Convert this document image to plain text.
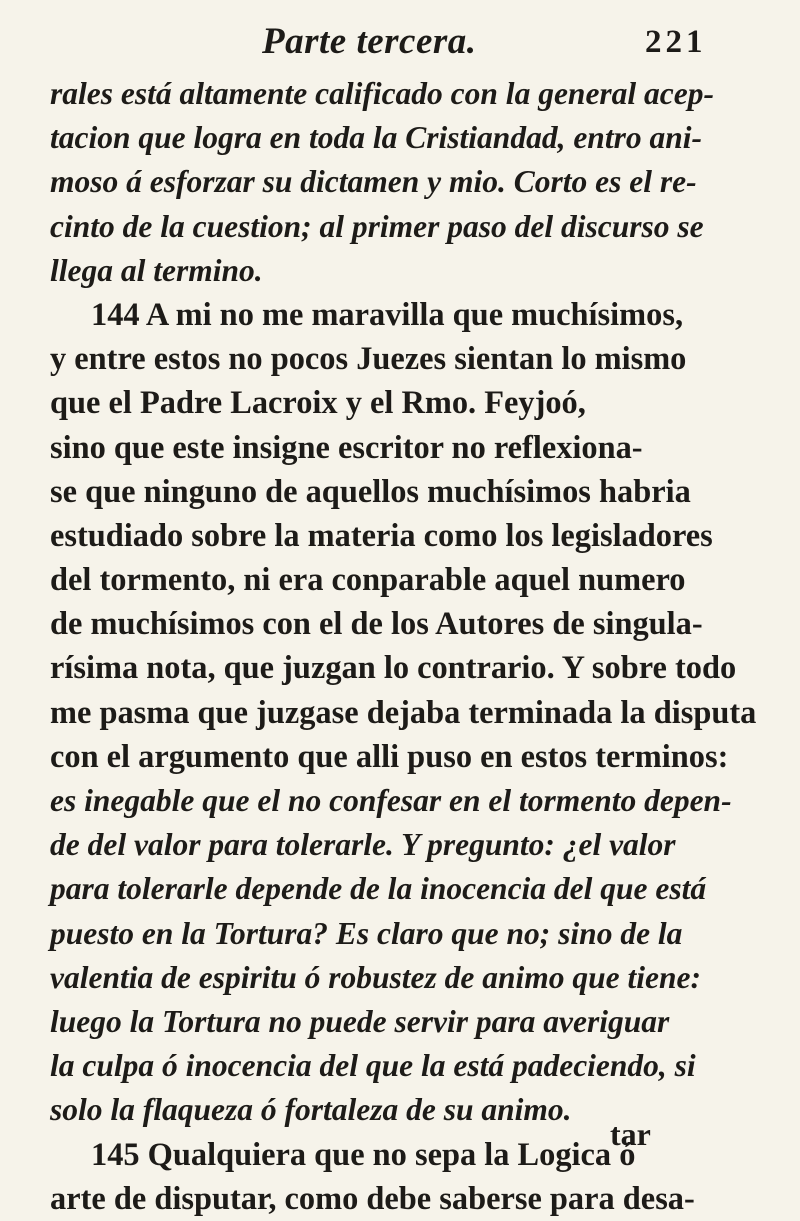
Parte tercera.	221
rales está altamente calificado con la general acep-
tacion que logra en toda la Cristiandad, entro ani-
moso á esforzar su dictamen y mio. Corto es el re-
cinto de la cuestion; al primer paso del discurso se
llega al termino.
144 A mi no me maravilla que muchísimos,
y entre estos no pocos Juezes sientan lo mismo
que el Padre Lacroix y el Rmo. Feyjoó,
sino que este insigne escritor no reflexiona-
se que ninguno de aquellos muchísimos habria
estudiado sobre la materia como los legisladores
del tormento, ni era conparable aquel numero
de muchísimos con el de los Autores de singula-
rísima nota, que juzgan lo contrario. Y sobre todo
me pasma que juzgase dejaba terminada la disputa
con el argumento que alli puso en estos terminos:
es inegable que el no confesar en el tormento depen-
de del valor para tolerarle. Y pregunto: ¿el valor
para tolerarle depende de la inocencia del que está
puesto en la Tortura? Es claro que no; sino de la
valentia de espiritu ó robustez de animo que tiene:
luego la Tortura no puede servir para averiguar
la culpa ó inocencia del que la está padeciendo, si
solo la flaqueza ó fortaleza de su animo.
145 Qualquiera que no sepa la Logica ó
arte de disputar, como debe saberse para desa-
tar
